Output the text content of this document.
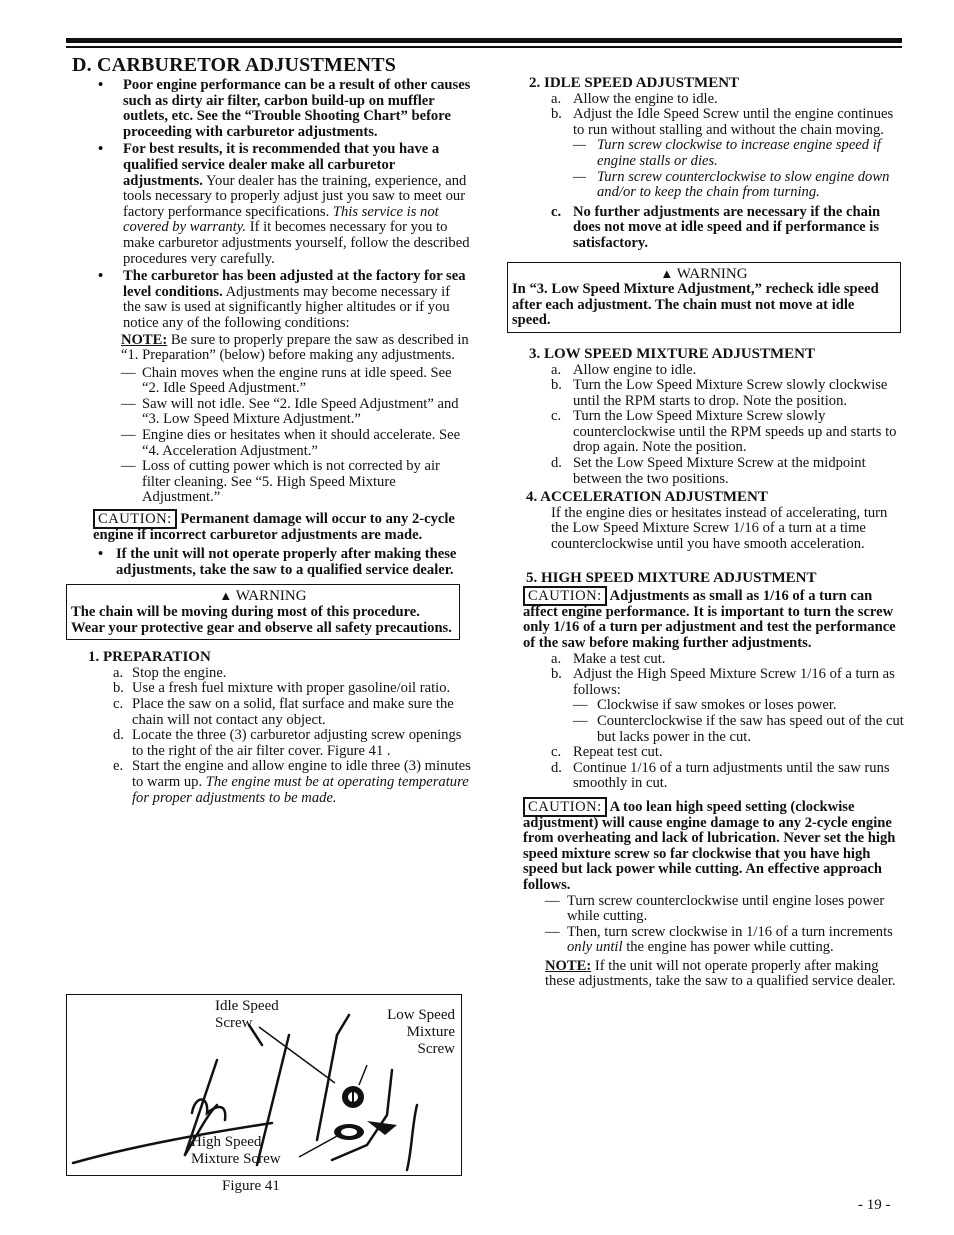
D. CARBURETOR ADJUSTMENTS

• Poor engine performance can be a result of other causes such as dirty air filter, carbon build-up on muffler outlets, etc. See the “Trouble Shooting Chart” before proceeding with carburetor adjustments.

• For best results, it is recommended that you have a qualified service dealer make all carburetor adjustments. Your dealer has the training, experience, and tools necessary to properly adjust just you saw to meet our factory performance specifications. This service is not covered by warranty. If it becomes necessary for you to make carburetor adjustments yourself, follow the described procedures very carefully.

• The carburetor has been adjusted at the factory for sea level conditions. Adjustments may become necessary if the saw is used at significantly higher altitudes or if you notice any of the following conditions:

NOTE: Be sure to properly prepare the saw as described in “1. Preparation” (below) before making any adjustments.

— Chain moves when the engine runs at idle speed. See “2. Idle Speed Adjustment.”

— Saw will not idle. See “2. Idle Speed Adjustment” and “3. Low Speed Mixture Adjustment.”

— Engine dies or hesitates when it should accelerate. See “4. Acceleration Adjustment.”

— Loss of cutting power which is not corrected by air filter cleaning. See “5. High Speed Mixture Adjustment.”

CAUTION: Permanent damage will occur to any 2-cycle engine if incorrect carburetor adjustments are made.

• If the unit will not operate properly after making these adjustments, take the saw to a qualified service dealer.

▲ WARNING
The chain will be moving during most of this procedure. Wear your protective gear and observe all safety precautions.
1. PREPARATION

a. Stop the engine.

b. Use a fresh fuel mixture with proper gasoline/oil ratio.

c. Place the saw on a solid, flat surface and make sure the chain will not contact any object.

d. Locate the three (3) carburetor adjusting screw openings to the right of the air filter cover. Figure 41 .

e. Start the engine and allow engine to idle three (3) minutes to warm up. The engine must be at operating temperature for proper adjustments to be made.

Idle Speed Screw	Low Speed Mixture Screw
High Speed Mixture Screw
Figure 41
2. IDLE SPEED ADJUSTMENT

a. Allow the engine to idle.

b. Adjust the Idle Speed Screw until the engine continues to run without stalling and without the chain moving.

— Turn screw clockwise to increase engine speed if engine stalls or dies.

— Turn screw counterclockwise to slow engine down and/or to keep the chain from turning.

c. No further adjustments are necessary if the chain does not move at idle speed and if performance is satisfactory.

▲ WARNING
In “3. Low Speed Mixture Adjustment,” recheck idle speed after each adjustment. The chain must not move at idle speed.
3. LOW SPEED MIXTURE ADJUSTMENT

a. Allow engine to idle.

b. Turn the Low Speed Mixture Screw slowly clockwise until the RPM starts to drop. Note the position.

c. Turn the Low Speed Mixture Screw slowly counterclockwise until the RPM speeds up and starts to drop again. Note the position.

d. Set the Low Speed Mixture Screw at the midpoint between the two positions.

4. ACCELERATION ADJUSTMENT

If the engine dies or hesitates instead of accelerating, turn the Low Speed Mixture Screw 1/16 of a turn at a time counterclockwise until you have smooth acceleration.

5. HIGH SPEED MIXTURE ADJUSTMENT

CAUTION: Adjustments as small as 1/16 of a turn can affect engine performance. It is important to turn the screw only 1/16 of a turn per adjustment and test the performance of the saw before making further adjustments.

a. Make a test cut.

b. Adjust the High Speed Mixture Screw 1/16 of a turn as follows:

— Clockwise if saw smokes or loses power.

— Counterclockwise if the saw has speed out of the cut but lacks power in the cut.

c. Repeat test cut.

d. Continue 1/16 of a turn adjustments until the saw runs smoothly in cut.

CAUTION: A too lean high speed setting (clockwise adjustment) will cause engine damage to any 2-cycle engine from overheating and lack of lubrication. Never set the high speed mixture screw so far clockwise that you have high speed but lack power while cutting. An effective approach follows.

— Turn screw counterclockwise until engine loses power while cutting.

— Then, turn screw clockwise in 1/16 of a turn increments only until the engine has power while cutting.

NOTE: If the unit will not operate properly after making these adjustments, take the saw to a qualified service dealer.

- 19 -
